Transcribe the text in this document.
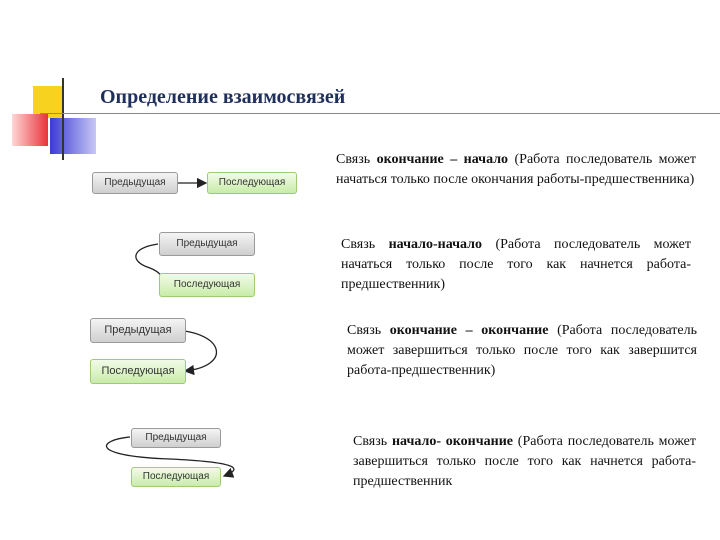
Определение взаимосвязей
Предыдущая	Последующая
Связь окончание – начало (Работа последователь может начаться только после окончания работы-предшественника)
Предыдущая
Последующая
Связь начало-начало (Работа последователь может начаться только после того как начнется работа-предшественник)
Предыдущая
Последующая
Связь окончание – окончание (Работа последователь может завершиться только после того как завершится работа-предшественник)
Предыдущая
Последующая
Связь начало- окончание (Работа последователь может завершиться только после того как начнется работа-предшественник
